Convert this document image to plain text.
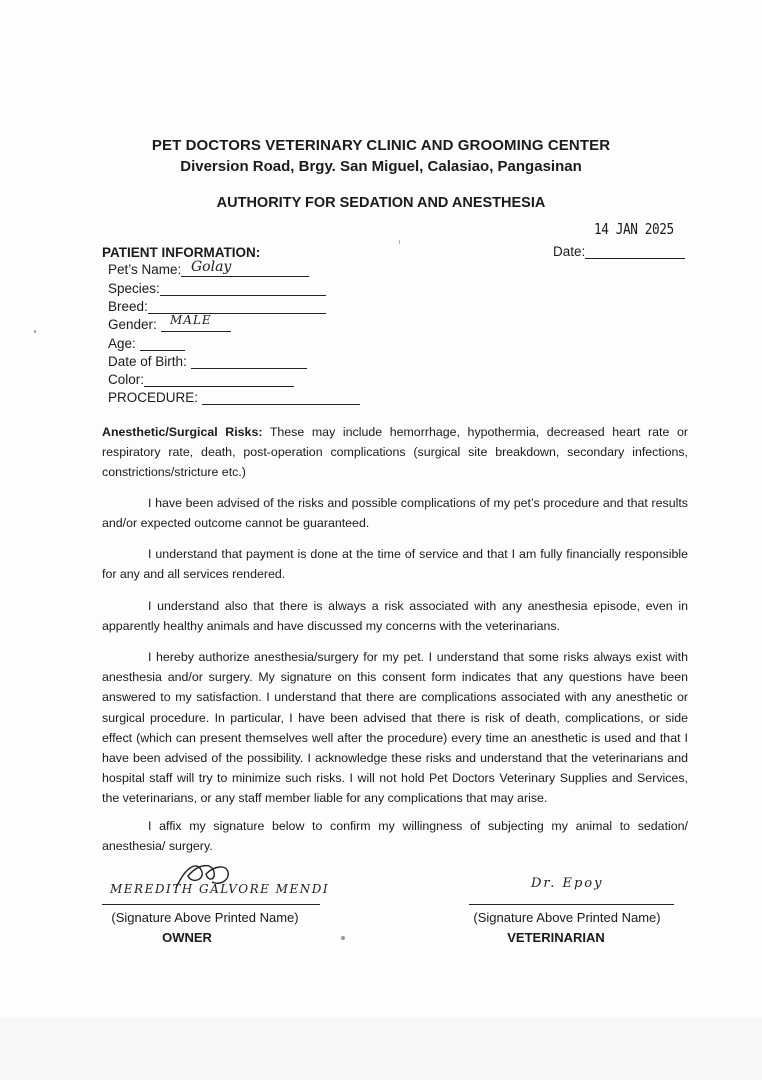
PET DOCTORS VETERINARY CLINIC AND GROOMING CENTER
Diversion Road, Brgy. San Miguel, Calasiao, Pangasinan
AUTHORITY FOR SEDATION AND ANESTHESIA
14 JAN 2025
Date:
PATIENT INFORMATION:
Pet’s Name: Golay
Species:
Breed:
Gender: MALE
Age:
Date of Birth:
Color:
PROCEDURE:
Anesthetic/Surgical Risks: These may include hemorrhage, hypothermia, decreased heart rate or respiratory rate, death, post-operation complications (surgical site breakdown, secondary infections, constrictions/stricture etc.)
I have been advised of the risks and possible complications of my pet’s procedure and that results and/or expected outcome cannot be guaranteed.
I understand that payment is done at the time of service and that I am fully financially responsible for any and all services rendered.
I understand also that there is always a risk associated with any anesthesia episode, even in apparently healthy animals and have discussed my concerns with the veterinarians.
I hereby authorize anesthesia/surgery for my pet. I understand that some risks always exist with anesthesia and/or surgery. My signature on this consent form indicates that any questions have been answered to my satisfaction. I understand that there are complications associated with any anesthetic or surgical procedure. In particular, I have been advised that there is risk of death, complications, or side effect (which can present themselves well after the procedure) every time an anesthetic is used and that I have been advised of the possibility. I acknowledge these risks and understand that the veterinarians and hospital staff will try to minimize such risks. I will not hold Pet Doctors Veterinary Supplies and Services, the veterinarians, or any staff member liable for any complications that may arise.
I affix my signature below to confirm my willingness of subjecting my animal to sedation/ anesthesia/ surgery.
MEREDITH GALVORE MENDI
(Signature Above Printed Name)
OWNER
Dr. Epoy
(Signature Above Printed Name)
VETERINARIAN
